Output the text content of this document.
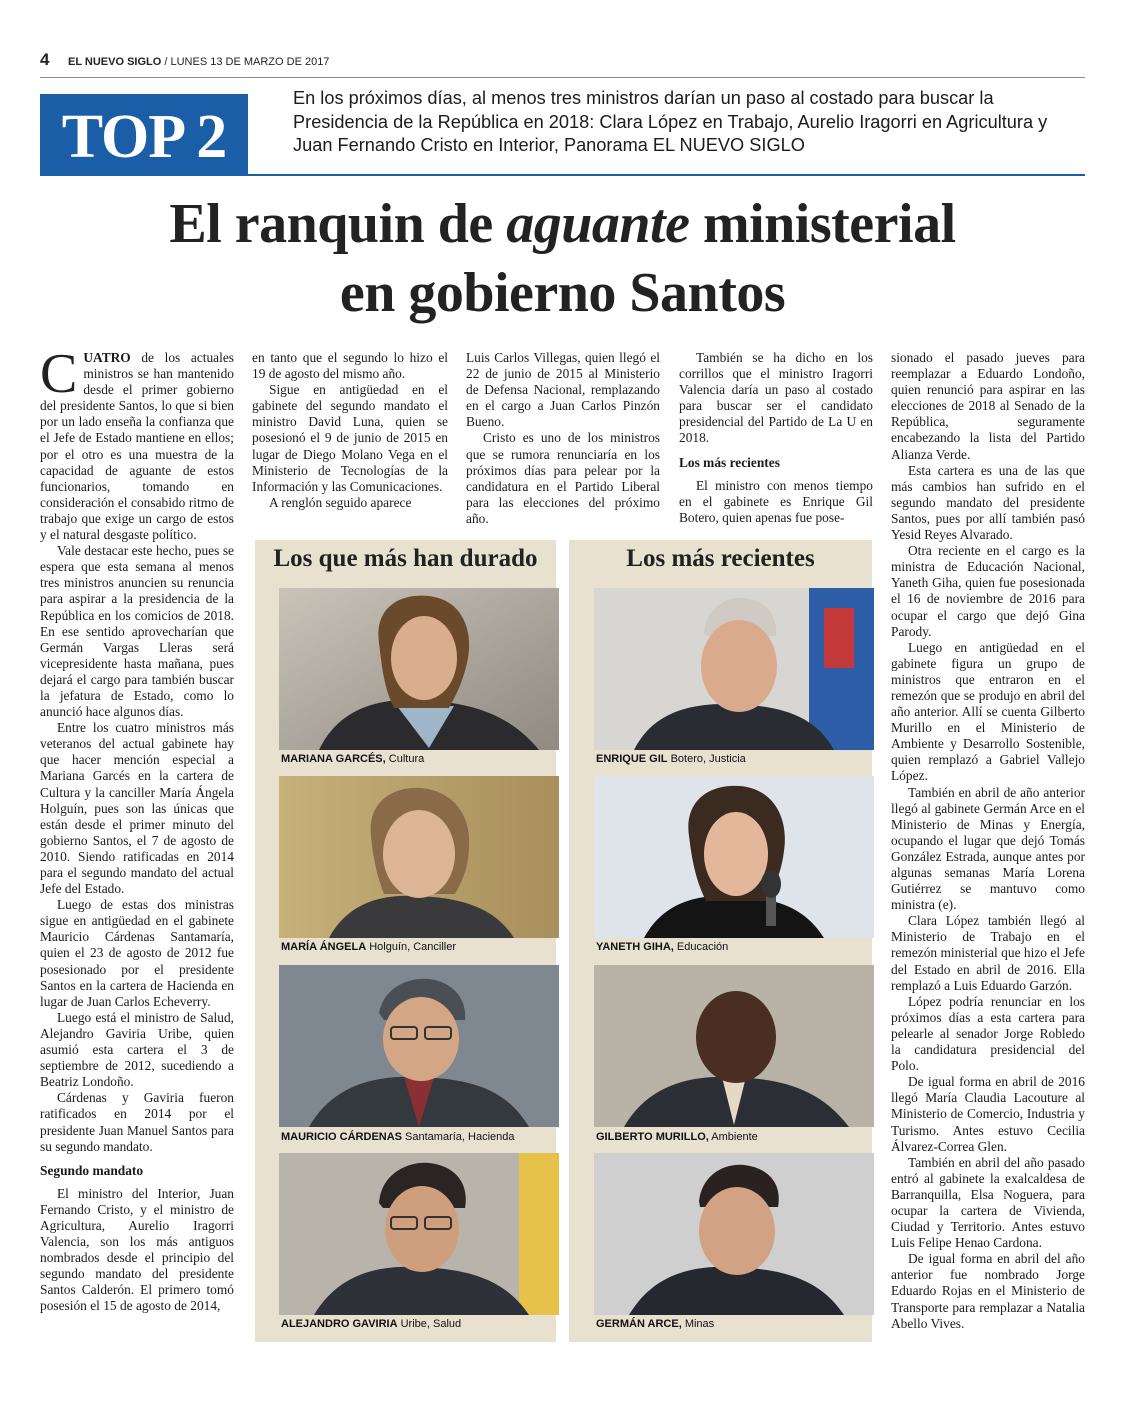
4 EL NUEVO SIGLO / LUNES 13 DE MARZO DE 2017
TOP 2
En los próximos días, al menos tres ministros darían un paso al costado para buscar la Presidencia de la República en 2018: Clara López en Trabajo, Aurelio Iragorri en Agricultura y Juan Fernando Cristo en Interior, Panorama EL NUEVO SIGLO
El ranquin de aguante ministerial
en gobierno Santos

CUATRO de los actuales ministros se han mantenido desde el primer gobierno del presidente Santos, lo que si bien por un lado enseña la confianza que el Jefe de Estado mantiene en ellos; por el otro es una muestra de la capacidad de aguante de estos funcionarios, tomando en consideración el consabido ritmo de trabajo que exige un cargo de estos y el natural desgaste político.

Vale destacar este hecho, pues se espera que esta semana al menos tres ministros anuncien su renuncia para aspirar a la presidencia de la República en los comicios de 2018. En ese sentido aprovecharían que Germán Vargas Lleras será vicepresidente hasta mañana, pues dejará el cargo para también buscar la jefatura de Estado, como lo anunció hace algunos días.

Entre los cuatro ministros más veteranos del actual gabinete hay que hacer mención especial a Mariana Garcés en la cartera de Cultura y la canciller María Ángela Holguín, pues son las únicas que están desde el primer minuto del gobierno Santos, el 7 de agosto de 2010. Siendo ratificadas en 2014 para el segundo mandato del actual Jefe del Estado.

Luego de estas dos ministras sigue en antigüedad en el gabinete Mauricio Cárdenas Santamaría, quien el 23 de agosto de 2012 fue posesionado por el presidente Santos en la cartera de Hacienda en lugar de Juan Carlos Echeverry.

Luego está el ministro de Salud, Alejandro Gaviria Uribe, quien asumió esta cartera el 3 de septiembre de 2012, sucediendo a Beatriz Londoño.

Cárdenas y Gaviria fueron ratificados en 2014 por el presidente Juan Manuel Santos para su segundo mandato.

Segundo mandato

El ministro del Interior, Juan Fernando Cristo, y el ministro de Agricultura, Aurelio Iragorri Valencia, son los más antiguos nombrados desde el principio del segundo mandato del presidente Santos Calderón. El primero tomó posesión el 15 de agosto de 2014,

en tanto que el segundo lo hizo el 19 de agosto del mismo año.

Sigue en antigüedad en el gabinete del segundo mandato el ministro David Luna, quien se posesionó el 9 de junio de 2015 en lugar de Diego Molano Vega en el Ministerio de Tecnologías de la Información y las Comunicaciones.

A renglón seguido aparece

Luis Carlos Villegas, quien llegó el 22 de junio de 2015 al Ministerio de Defensa Nacional, remplazando en el cargo a Juan Carlos Pinzón Bueno.

Cristo es uno de los ministros que se rumora renunciaría en los próximos días para pelear por la candidatura en el Partido Liberal para las elecciones del próximo año.

También se ha dicho en los corrillos que el ministro Iragorri Valencia daría un paso al costado para buscar ser el candidato presidencial del Partido de La U en 2018.

Los más recientes

El ministro con menos tiempo en el gabinete es Enrique Gil Botero, quien apenas fue pose-

sionado el pasado jueves para reemplazar a Eduardo Londoño, quien renunció para aspirar en las elecciones de 2018 al Senado de la República, seguramente encabezando la lista del Partido Alianza Verde.

Esta cartera es una de las que más cambios han sufrido en el segundo mandato del presidente Santos, pues por allí también pasó Yesid Reyes Alvarado.

Otra reciente en el cargo es la ministra de Educación Nacional, Yaneth Giha, quien fue posesionada el 16 de noviembre de 2016 para ocupar el cargo que dejó Gina Parody.

Luego en antigüedad en el gabinete figura un grupo de ministros que entraron en el remezón que se produjo en abril del año anterior. Allí se cuenta Gilberto Murillo en el Ministerio de Ambiente y Desarrollo Sostenible, quien remplazó a Gabriel Vallejo López.

También en abril de año anterior llegó al gabinete Germán Arce en el Ministerio de Minas y Energía, ocupando el lugar que dejó Tomás González Estrada, aunque antes por algunas semanas María Lorena Gutiérrez se mantuvo como ministra (e).

Clara López también llegó al Ministerio de Trabajo en el remezón ministerial que hizo el Jefe del Estado en abril de 2016. Ella remplazó a Luis Eduardo Garzón.

López podría renunciar en los próximos días a esta cartera para pelearle al senador Jorge Robledo la candidatura presidencial del Polo.

De igual forma en abril de 2016 llegó María Claudia Lacouture al Ministerio de Comercio, Industria y Turismo. Antes estuvo Cecilia Álvarez-Correa Glen.

También en abril del año pasado entró al gabinete la exalcaldesa de Barranquilla, Elsa Noguera, para ocupar la cartera de Vivienda, Ciudad y Territorio. Antes estuvo Luis Felipe Henao Cardona.

De igual forma en abril del año anterior fue nombrado Jorge Eduardo Rojas en el Ministerio de Transporte para remplazar a Natalia Abello Vives.

Los que más han durado
MARIANA GARCÉS, Cultura
MARÍA ÁNGELA Holguín, Canciller
MAURICIO CÁRDENAS Santamaría, Hacienda
ALEJANDRO GAVIRIA Uribe, Salud
Los más recientes
ENRIQUE GIL Botero, Justicia
YANETH GIHA, Educación
GILBERTO MURILLO, Ambiente
GERMÁN ARCE, Minas
